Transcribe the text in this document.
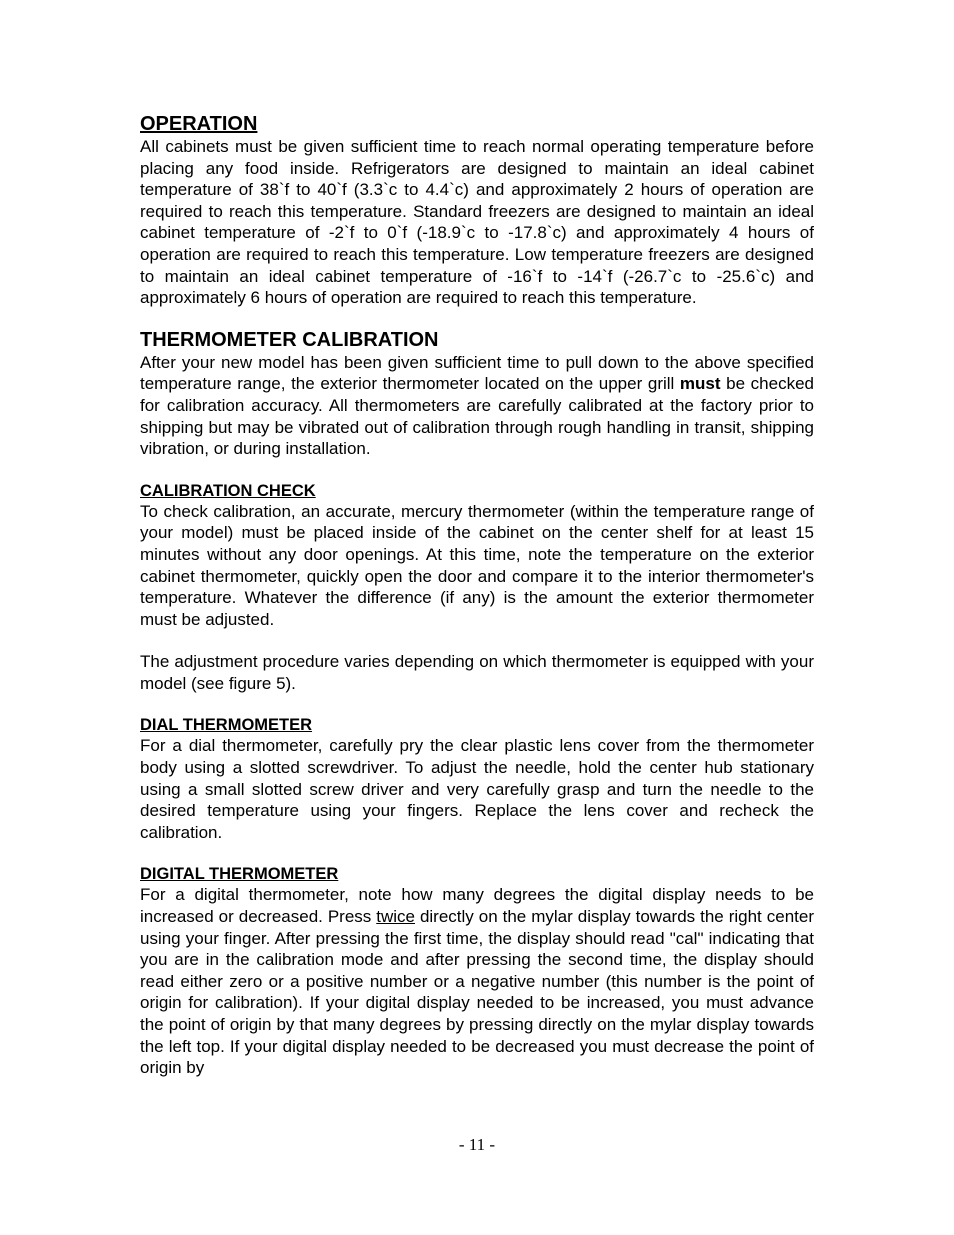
OPERATION

All cabinets must be given sufficient time to reach normal operating temperature before placing any food inside. Refrigerators are designed to maintain an ideal cabinet temperature of 38`f to 40`f (3.3`c to 4.4`c) and approximately 2 hours of operation are required to reach this temperature. Standard freezers are designed to maintain an ideal cabinet temperature of -2`f to 0`f (-18.9`c to -17.8`c) and approximately 4 hours of operation are required to reach this temperature. Low temperature freezers are designed to maintain an ideal cabinet temperature of -16`f to -14`f (-26.7`c to -25.6`c) and approximately 6 hours of operation are required to reach this temperature.

THERMOMETER CALIBRATION

After your new model has been given sufficient time to pull down to the above specified temperature range, the exterior thermometer located on the upper grill must be checked for calibration accuracy. All thermometers are carefully calibrated at the factory prior to shipping but may be vibrated out of calibration through rough handling in transit, shipping vibration, or during installation.

CALIBRATION CHECK

To check calibration, an accurate, mercury thermometer (within the temperature range of your model) must be placed inside of the cabinet on the center shelf for at least 15 minutes without any door openings. At this time, note the temperature on the exterior cabinet thermometer, quickly open the door and compare it to the interior thermometer's temperature. Whatever the difference (if any) is the amount the exterior thermometer must be adjusted.

The adjustment procedure varies depending on which thermometer is equipped with your model (see figure 5).

DIAL THERMOMETER

For a dial thermometer, carefully pry the clear plastic lens cover from the thermometer body using a slotted screwdriver. To adjust the needle, hold the center hub stationary using a small slotted screw driver and very carefully grasp and turn the needle to the desired temperature using your fingers. Replace the lens cover and recheck the calibration.

DIGITAL THERMOMETER

For a digital thermometer, note how many degrees the digital display needs to be increased or decreased. Press twice directly on the mylar display towards the right center using your finger. After pressing the first time, the display should read "cal" indicating that you are in the calibration mode and after pressing the second time, the display should read either zero or a positive number or a negative number (this number is the point of origin for calibration). If your digital display needed to be increased, you must advance the point of origin by that many degrees by pressing directly on the mylar display towards the left top. If your digital display needed to be decreased you must decrease the point of origin by

- 11 -
